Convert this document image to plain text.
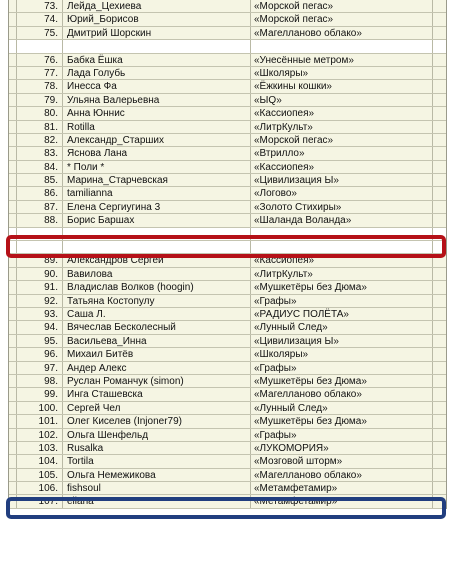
73. Лейда_Цехиева	«Морской пегас»
74. Юрий_Борисов	«Морской пегас»
75. Дмитрий Шорскин	«Магелланово облако»
76. Бабка Ёшка	«Унесённые метром»
77. Лада Голубь	«Школяры»
78. Инесса Фа	«Ёжкины кошки»
79. Ульяна Валерьевна	«ЫQ»
80. Анна Юннис	«Кассиопея»
81. Rotilla	«ЛитрКульт»
82. Александр_Старших	«Морской пегас»
83. Яснова Лана	«Втрилло»
84. * Поли *	«Кассиопея»
85. Марина_Старчевская	«Цивилизация Ы»
86. tamilianna	«Логово»
87. Елена Сергиугина 3	«Золото Стихиры»
88. Борис Баршах	«Шаланда Воланда»
89. Александров Сергей	«Кассиопея»
90. Вавилова	«ЛитрКульт»
91. Владислав Волков (hoogin)	«Мушкетёры без Дюма»
92. Татьяна Костопулу	«Графы»
93. Саша Л.	«РАДИУС ПОЛЁТА»
94. Вячеслав Бесколесный	«Лунный След»
95. Васильева_Инна	«Цивилизация Ы»
96. Михаил Битёв	«Школяры»
97. Андер Алекс	«Графы»
98. Руслан Романчук (simon)	«Мушкетёры без Дюма»
99. Инга Сташевска	«Магелланово облако»
100. Сергей Чел	«Лунный След»
101. Олег Киселев (Injoner79)	«Мушкетёры без Дюма»
102. Ольга Шенфельд	«Графы»
103. Rusalka	«ЛУКОМОРИЯ»
104. Tortila	«Мозговой шторм»
105. Ольга Немежикова	«Магелланово облако»
106. fishsoul	«Метамфетамир»
107. ellana	«Метамфетамир»
